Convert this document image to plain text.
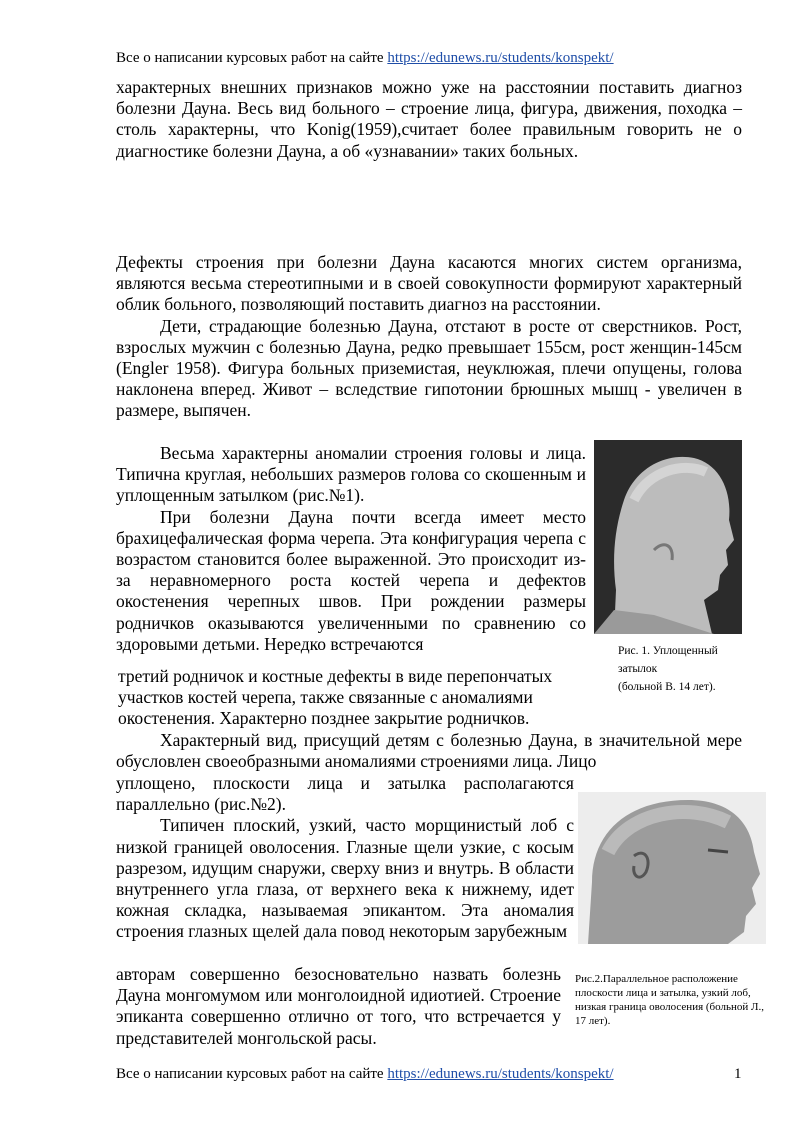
Все о написании курсовых работ на сайте https://edunews.ru/students/konspekt/

характерных внешних признаков можно уже на расстоянии поставить диагноз болезни Дауна. Весь вид больного – строение лица, фигура, движения, походка – столь характерны, что Konig(1959),считает более правильным говорить не о диагностике болезни Дауна, а об «узнавании» таких больных.

Дефекты строения при болезни Дауна касаются многих систем организма, являются весьма стереотипными и в своей совокупности формируют характерный облик больного, позволяющий поставить диагноз на расстоянии.

Дети, страдающие болезнью Дауна, отстают в росте от сверстников. Рост, взрослых мужчин с болезнью Дауна, редко превышает 155см, рост женщин-145см (Engler 1958). Фигура больных приземистая, неуклюжая, плечи опущены, голова наклонена вперед. Живот – вследствие гипотонии брюшных мышц - увеличен в размере, выпячен.

Весьма характерны аномалии строения головы и лица. Типична круглая, небольших размеров голова со скошенным и уплощенным затылком (рис.№1).

При болезни Дауна почти всегда имеет место брахицефалическая форма черепа. Эта конфигурация черепа с возрастом становится более выраженной. Это происходит из-за неравномерного роста костей черепа и дефектов окостенения черепных швов. При рождении размеры родничков оказываются увеличенными по сравнению со здоровыми детьми. Нередко встречаются

третий родничок и костные дефекты в виде перепончатых участков костей черепа, также связанные с аномалиями окостенения. Характерно позднее закрытие родничков.

Характерный вид, присущий детям с болезнью Дауна, в значительной мере обусловлен своеобразными аномалиями строениями лица. Лицо

уплощено, плоскости лица и затылка располагаются параллельно (рис.№2).

Типичен плоский, узкий, часто морщинистый лоб с низкой границей оволосения. Глазные щели узкие, с косым разрезом, идущим снаружи, сверху вниз и внутрь. В области внутреннего угла глаза, от верхнего века к нижнему, идет кожная складка, называемая эпикантом. Эта аномалия строения глазных щелей дала повод некоторым зарубежным

авторам совершенно безосновательно назвать болезнь Дауна монгомумом или монголоидной идиотией. Строение эпиканта совершенно отлично от того, что встречается у представителей монгольской расы.

Рис. 1. Уплощенный
затылок
(больной В. 14 лет).
Рис.2.Параллельное расположение плоскости лица и затылка, узкий лоб, низкая граница оволосения (больной Л., 17 лет).
Все о написании курсовых работ на сайте https://edunews.ru/students/konspekt/	1
